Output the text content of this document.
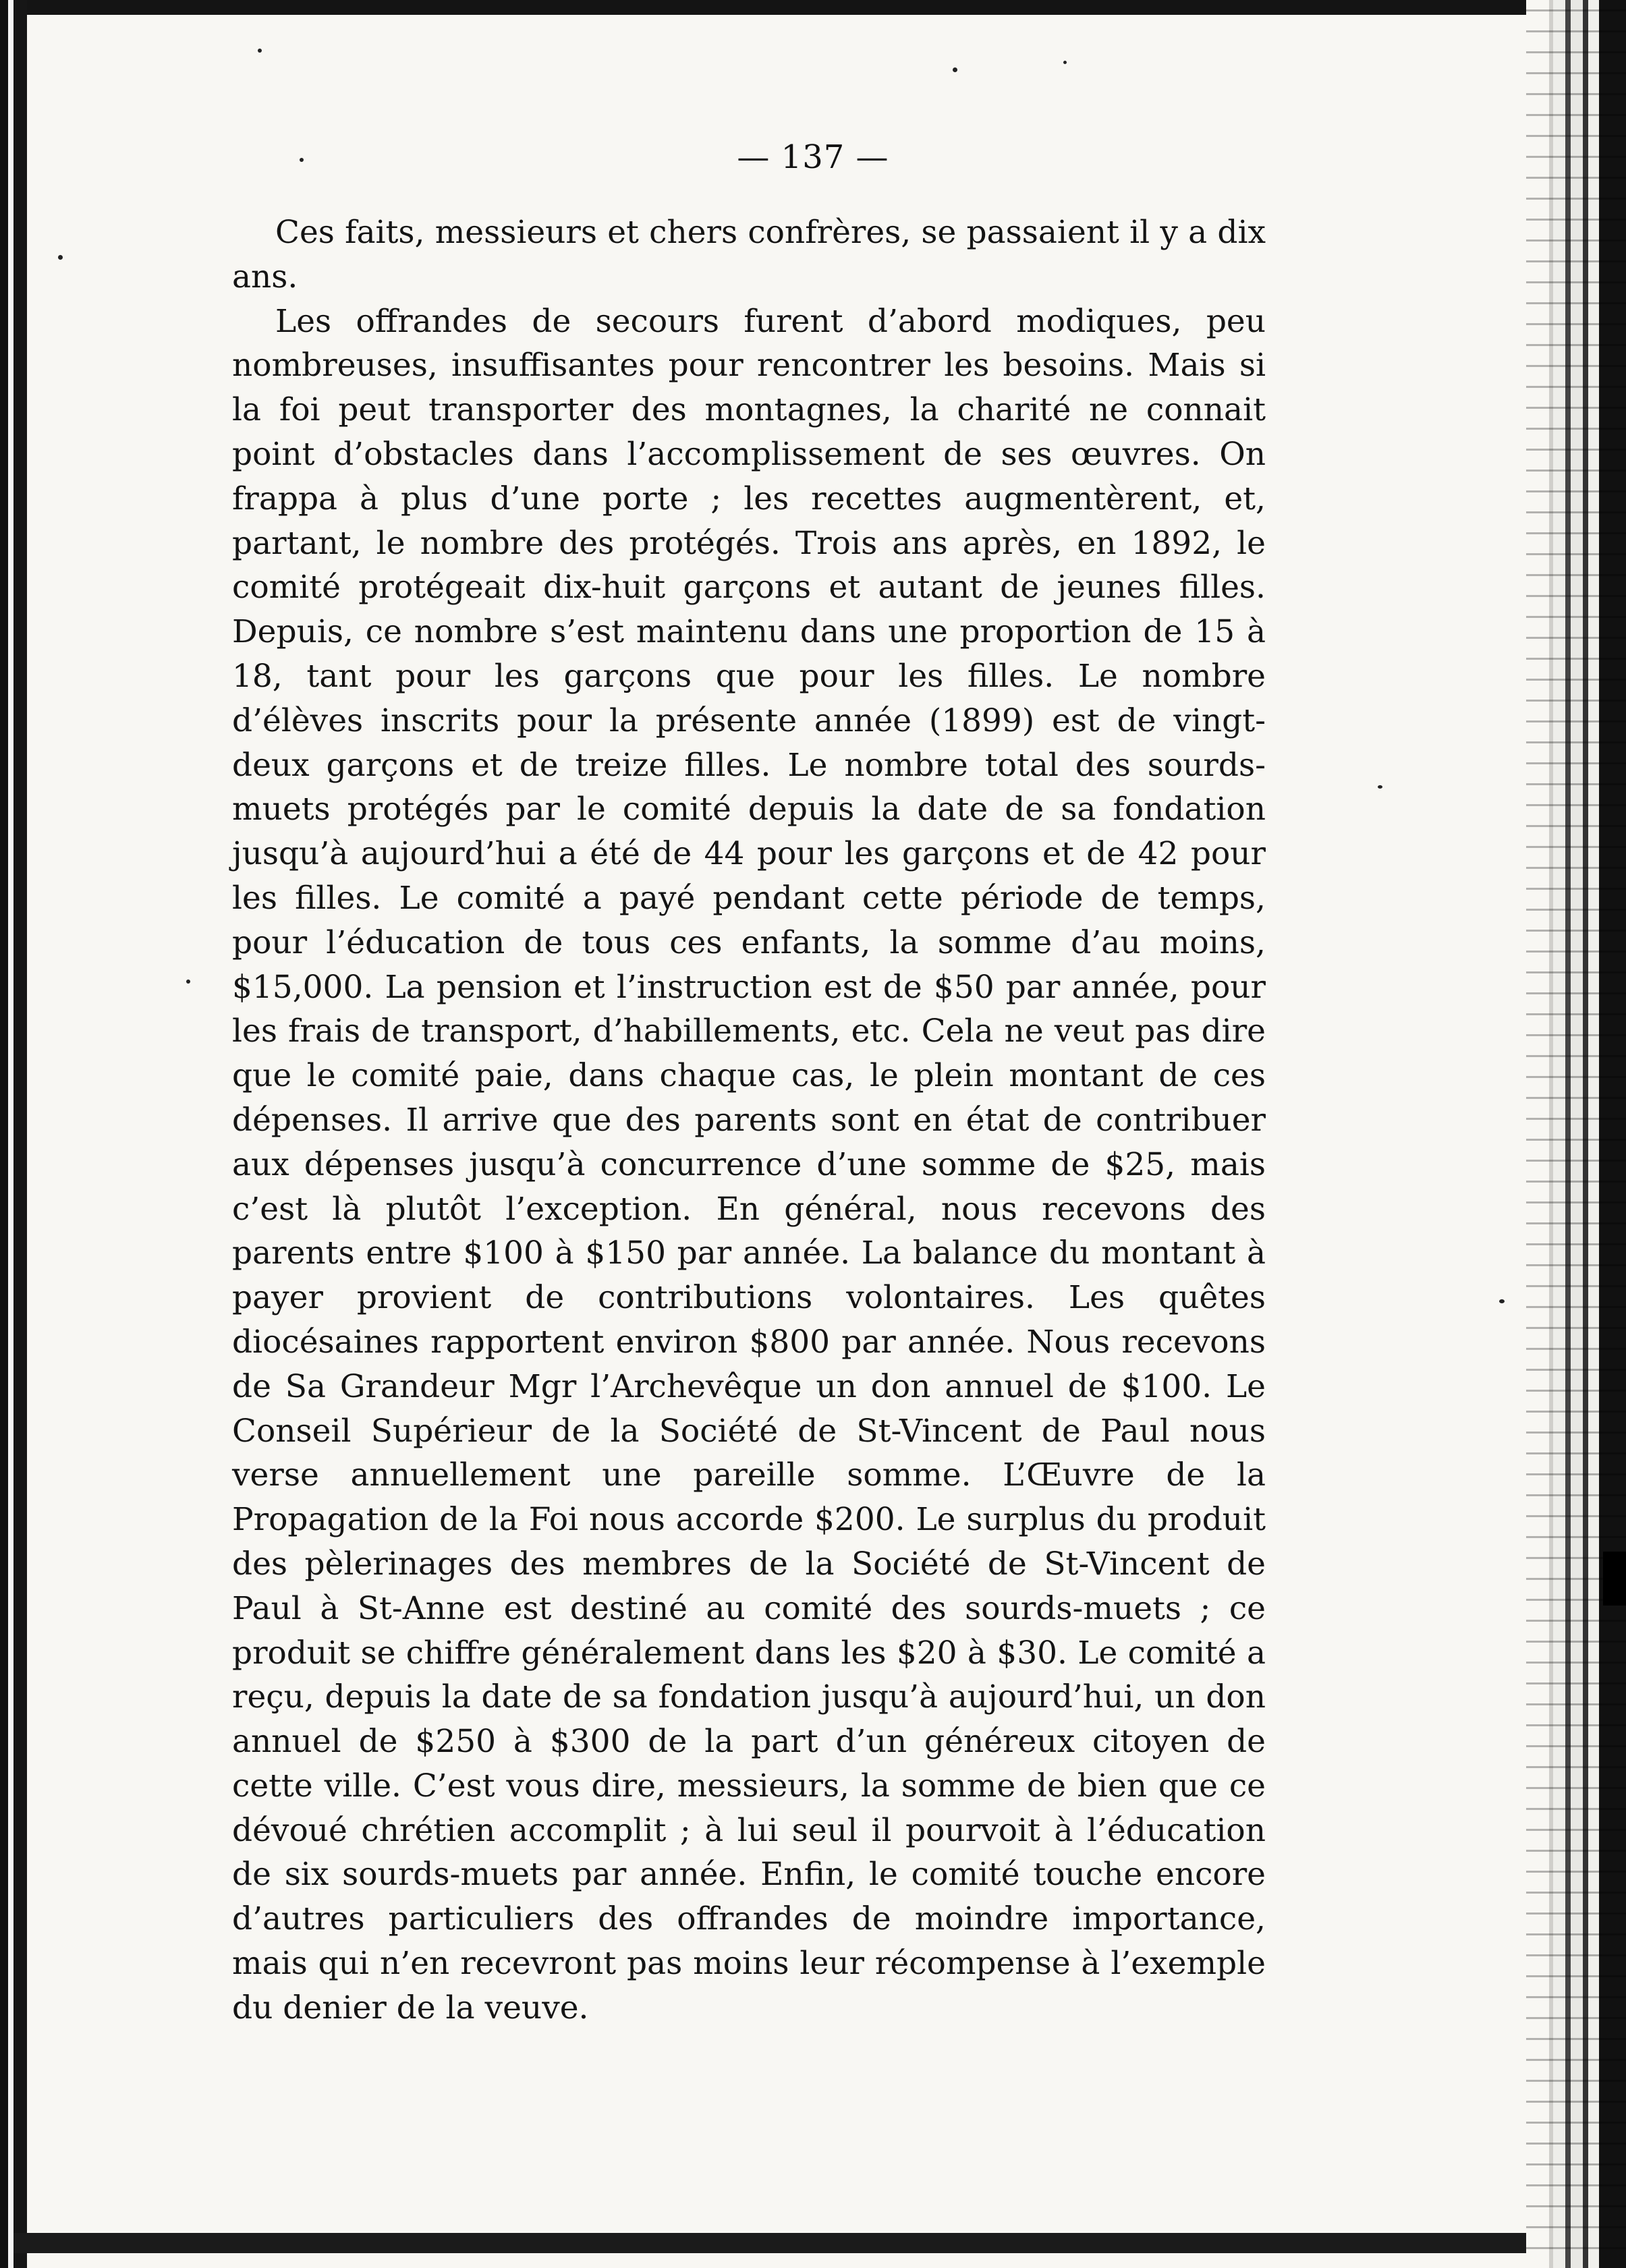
— 137 —

Ces faits, messieurs et chers confrères, se passaient il y a dix ans.

Les offrandes de secours furent d’abord modiques, peu nombreuses, insuffisantes pour rencontrer les besoins. Mais si la foi peut transporter des montagnes, la charité ne connait point d’obstacles dans l’accomplissement de ses œuvres. On frappa à plus d’une porte ; les recettes augmentèrent, et, partant, le nombre des protégés. Trois ans après, en 1892, le comité protégeait dix-huit garçons et autant de jeunes filles. Depuis, ce nombre s’est maintenu dans une proportion de 15 à 18, tant pour les garçons que pour les filles. Le nombre d’élèves inscrits pour la présente année (1899) est de vingt-deux garçons et de treize filles. Le nombre total des sourds-muets protégés par le comité depuis la date de sa fondation jusqu’à aujourd’hui a été de 44 pour les garçons et de 42 pour les filles. Le comité a payé pendant cette période de temps, pour l’éducation de tous ces enfants, la somme d’au moins, $15,000. La pension et l’instruction est de $50 par année, pour les frais de transport, d’habillements, etc. Cela ne veut pas dire que le comité paie, dans chaque cas, le plein montant de ces dépenses. Il arrive que des parents sont en état de contribuer aux dépenses jusqu’à concurrence d’une somme de $25, mais c’est là plutôt l’exception. En général, nous recevons des parents entre $100 à $150 par année. La balance du montant à payer provient de contributions volontaires. Les quêtes diocésaines rapportent environ $800 par année. Nous recevons de Sa Grandeur Mgr l’Archevêque un don annuel de $100. Le Conseil Supérieur de la Société de St-Vincent de Paul nous verse annuellement une pareille somme. L’Œuvre de la Propagation de la Foi nous accorde $200. Le surplus du produit des pèlerinages des membres de la Société de St-Vincent de Paul à St-Anne est destiné au comité des sourds-muets ; ce produit se chiffre généralement dans les $20 à $30. Le comité a reçu, depuis la date de sa fondation jusqu’à aujourd’hui, un don annuel de $250 à $300 de la part d’un généreux citoyen de cette ville. C’est vous dire, messieurs, la somme de bien que ce dévoué chrétien accomplit ; à lui seul il pourvoit à l’éducation de six sourds-muets par année. Enfin, le comité touche encore d’autres particuliers des offrandes de moindre importance, mais qui n’en recevront pas moins leur récompense à l’exemple du denier de la veuve.
